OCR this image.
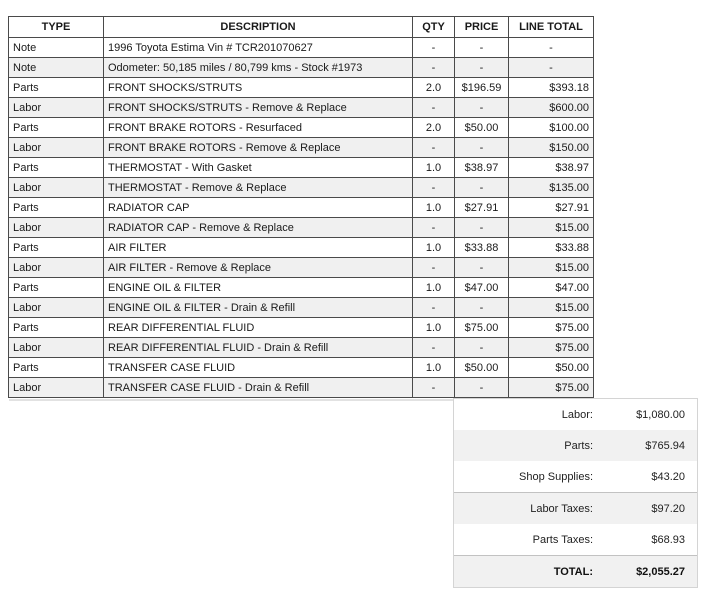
TYPE	DESCRIPTION	QTY	PRICE	LINE TOTAL
Note	1996 Toyota Estima Vin # TCR201070627	-	-	-
Note	Odometer: 50,185 miles / 80,799 kms - Stock #1973	-	-	-
Parts	FRONT SHOCKS/STRUTS	2.0	$196.59	$393.18
Labor	FRONT SHOCKS/STRUTS - Remove & Replace	-	-	$600.00
Parts	FRONT BRAKE ROTORS - Resurfaced	2.0	$50.00	$100.00
Labor	FRONT BRAKE ROTORS - Remove & Replace	-	-	$150.00
Parts	THERMOSTAT - With Gasket	1.0	$38.97	$38.97
Labor	THERMOSTAT - Remove & Replace	-	-	$135.00
Parts	RADIATOR CAP	1.0	$27.91	$27.91
Labor	RADIATOR CAP - Remove & Replace	-	-	$15.00
Parts	AIR FILTER	1.0	$33.88	$33.88
Labor	AIR FILTER - Remove & Replace	-	-	$15.00
Parts	ENGINE OIL & FILTER	1.0	$47.00	$47.00
Labor	ENGINE OIL & FILTER - Drain & Refill	-	-	$15.00
Parts	REAR DIFFERENTIAL FLUID	1.0	$75.00	$75.00
Labor	REAR DIFFERENTIAL FLUID - Drain & Refill	-	-	$75.00
Parts	TRANSFER CASE FLUID	1.0	$50.00	$50.00
Labor	TRANSFER CASE FLUID - Drain & Refill	-	-	$75.00
Labor:	$1,080.00
Parts:	$765.94
Shop Supplies:	$43.20
Labor Taxes:	$97.20
Parts Taxes:	$68.93
TOTAL:	$2,055.27
